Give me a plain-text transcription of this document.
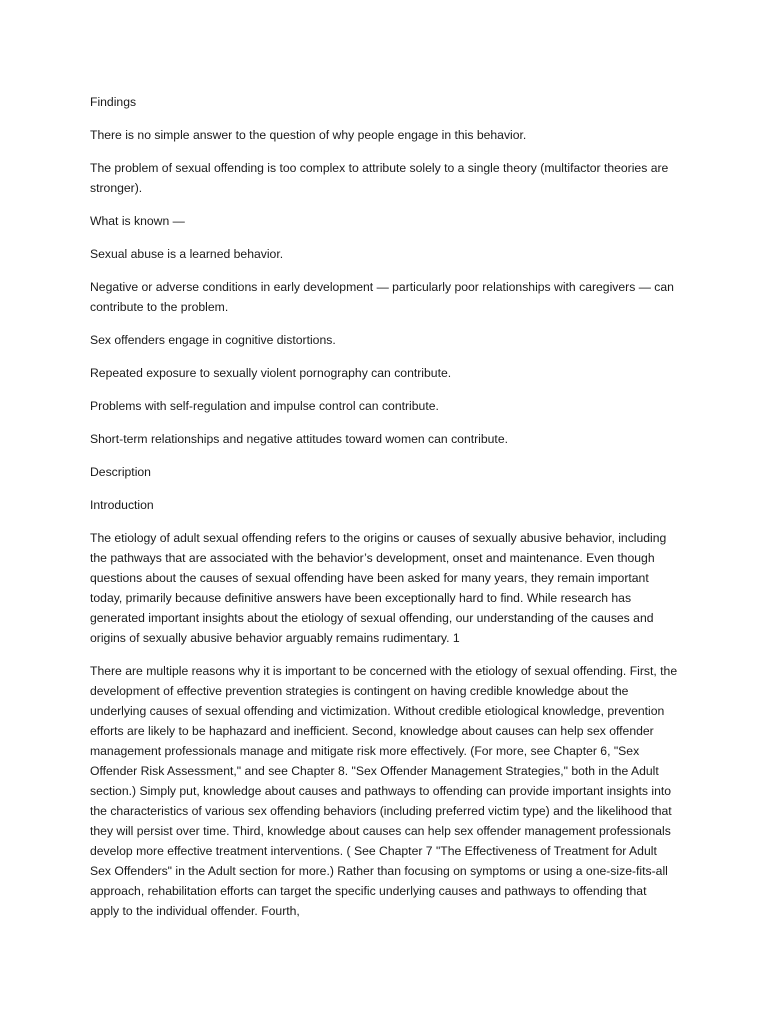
Findings

There is no simple answer to the question of why people engage in this behavior.

The problem of sexual offending is too complex to attribute solely to a single theory (multifactor theories are stronger).

What is known —

Sexual abuse is a learned behavior.

Negative or adverse conditions in early development — particularly poor relationships with caregivers — can contribute to the problem.

Sex offenders engage in cognitive distortions.

Repeated exposure to sexually violent pornography can contribute.

Problems with self-regulation and impulse control can contribute.

Short-term relationships and negative attitudes toward women can contribute.

Description

Introduction

The etiology of adult sexual offending refers to the origins or causes of sexually abusive behavior, including the pathways that are associated with the behavior’s development, onset and maintenance. Even though questions about the causes of sexual offending have been asked for many years, they remain important today, primarily because definitive answers have been exceptionally hard to find. While research has generated important insights about the etiology of sexual offending, our understanding of the causes and origins of sexually abusive behavior arguably remains rudimentary. 1

There are multiple reasons why it is important to be concerned with the etiology of sexual offending. First, the development of effective prevention strategies is contingent on having credible knowledge about the underlying causes of sexual offending and victimization. Without credible etiological knowledge, prevention efforts are likely to be haphazard and inefficient. Second, knowledge about causes can help sex offender management professionals manage and mitigate risk more effectively. (For more, see Chapter 6, "Sex Offender Risk Assessment," and see Chapter 8. "Sex Offender Management Strategies," both in the Adult section.) Simply put, knowledge about causes and pathways to offending can provide important insights into the characteristics of various sex offending behaviors (including preferred victim type) and the likelihood that they will persist over time. Third, knowledge about causes can help sex offender management professionals develop more effective treatment interventions. ( See Chapter 7 "The Effectiveness of Treatment for Adult Sex Offenders" in the Adult section for more.) Rather than focusing on symptoms or using a one-size-fits-all approach, rehabilitation efforts can target the specific underlying causes and pathways to offending that apply to the individual offender. Fourth,
